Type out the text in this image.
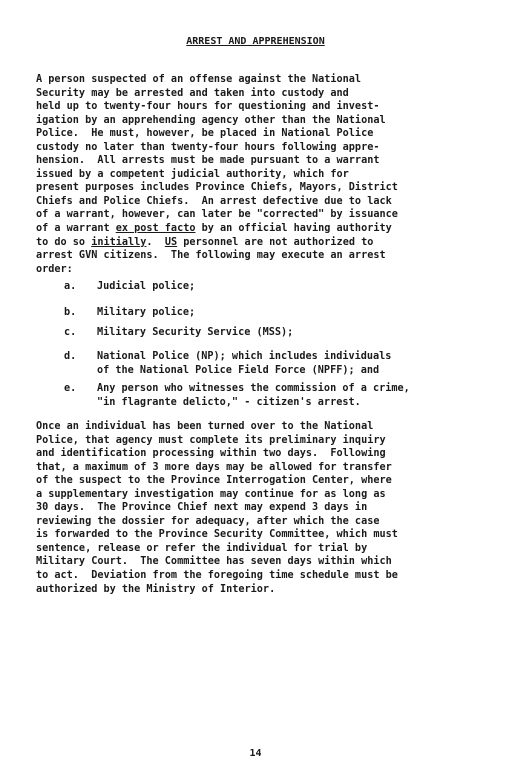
ARREST AND APPREHENSION
A person suspected of an offense against the National
Security may be arrested and taken into custody and
held up to twenty-four hours for questioning and invest-
igation by an apprehending agency other than the National
Police.  He must, however, be placed in National Police
custody no later than twenty-four hours following appre-
hension.  All arrests must be made pursuant to a warrant
issued by a competent judicial authority, which for
present purposes includes Province Chiefs, Mayors, District
Chiefs and Police Chiefs.  An arrest defective due to lack
of a warrant, however, can later be "corrected" by issuance
of a warrant ex post facto by an official having authority
to do so initially.  US personnel are not authorized to
arrest GVN citizens.  The following may execute an arrest
order:

a.

Judicial police;

b.

Military police;

c.

Military Security Service (MSS);

d.

National Police (NP); which includes individuals

of the National Police Field Force (NPFF); and

e.

Any person who witnesses the commission of a crime,

"in flagrante delicto," - citizen's arrest.

Once an individual has been turned over to the National
Police, that agency must complete its preliminary inquiry
and identification processing within two days.  Following
that, a maximum of 3 more days may be allowed for transfer
of the suspect to the Province Interrogation Center, where
a supplementary investigation may continue for as long as
30 days.  The Province Chief next may expend 3 days in
reviewing the dossier for adequacy, after which the case
is forwarded to the Province Security Committee, which must
sentence, release or refer the individual for trial by
Military Court.  The Committee has seven days within which
to act.  Deviation from the foregoing time schedule must be
authorized by the Ministry of Interior.
14
